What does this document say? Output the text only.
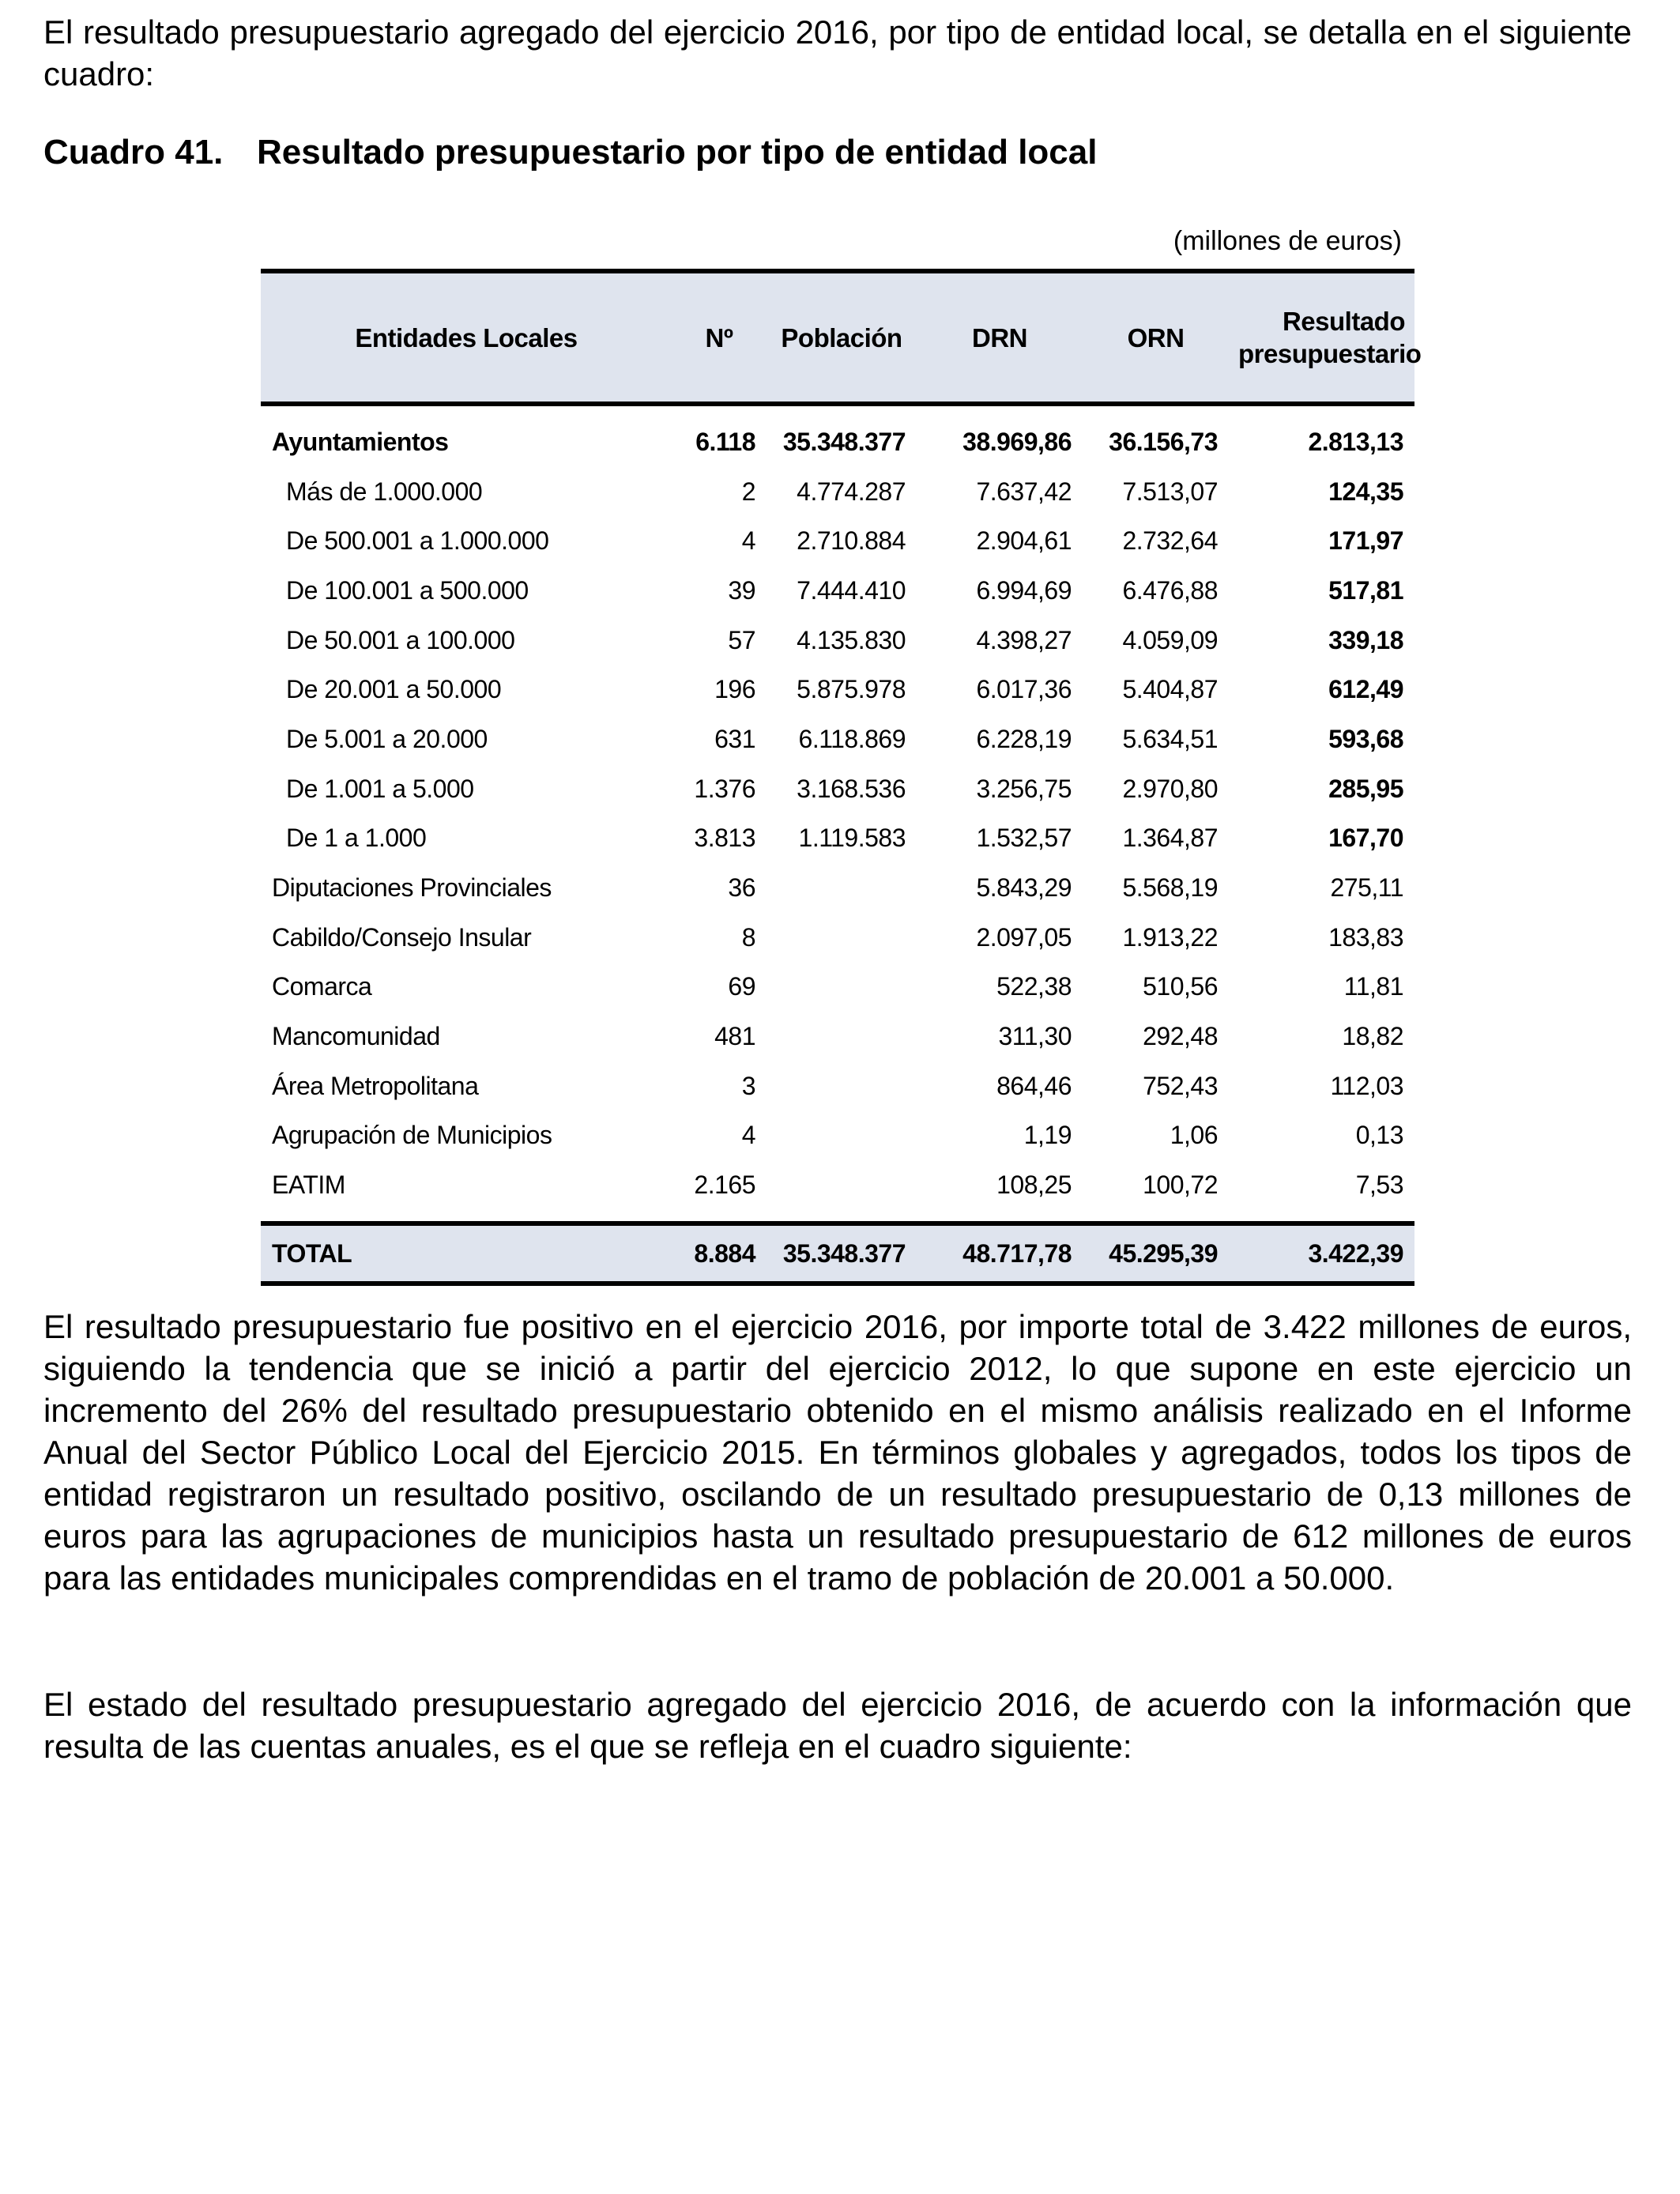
El resultado presupuestario agregado del ejercicio 2016, por tipo de entidad local, se detalla en el siguiente cuadro:

Cuadro 41. Resultado presupuestario por tipo de entidad local
(millones de euros)
Entidades Locales	Nº	Población	DRN	ORN	Resultado
presupuestario

Ayuntamientos	6.118	35.348.377	38.969,86	36.156,73	2.813,13
Más de 1.000.000	2	4.774.287	7.637,42	7.513,07	124,35
De 500.001 a 1.000.000	4	2.710.884	2.904,61	2.732,64	171,97
De 100.001 a 500.000	39	7.444.410	6.994,69	6.476,88	517,81
De 50.001 a 100.000	57	4.135.830	4.398,27	4.059,09	339,18
De 20.001 a 50.000	196	5.875.978	6.017,36	5.404,87	612,49
De 5.001 a 20.000	631	6.118.869	6.228,19	5.634,51	593,68
De 1.001 a 5.000	1.376	3.168.536	3.256,75	2.970,80	285,95
De 1 a 1.000	3.813	1.119.583	1.532,57	1.364,87	167,70
Diputaciones Provinciales	36		5.843,29	5.568,19	275,11
Cabildo/Consejo Insular	8		2.097,05	1.913,22	183,83
Comarca	69		522,38	510,56	11,81
Mancomunidad	481		311,30	292,48	18,82
Área Metropolitana	3		864,46	752,43	112,03
Agrupación de Municipios	4		1,19	1,06	0,13
EATIM	2.165		108,25	100,72	7,53

TOTAL	8.884	35.348.377	48.717,78	45.295,39	3.422,39

El resultado presupuestario fue positivo en el ejercicio 2016, por importe total de 3.422 millones de euros, siguiendo la tendencia que se inició a partir del ejercicio 2012, lo que supone en este ejercicio un incremento del 26% del resultado presupuestario obtenido en el mismo análisis realizado en el Informe Anual del Sector Público Local del Ejercicio 2015. En términos globales y agregados, todos los tipos de entidad registraron un resultado positivo, oscilando de un resultado presupuestario de 0,13 millones de euros para las agrupaciones de municipios hasta un resultado presupuestario de 612 millones de euros para las entidades municipales comprendidas en el tramo de población de 20.001 a 50.000.

El estado del resultado presupuestario agregado del ejercicio 2016, de acuerdo con la información que resulta de las cuentas anuales, es el que se refleja en el cuadro siguiente:
